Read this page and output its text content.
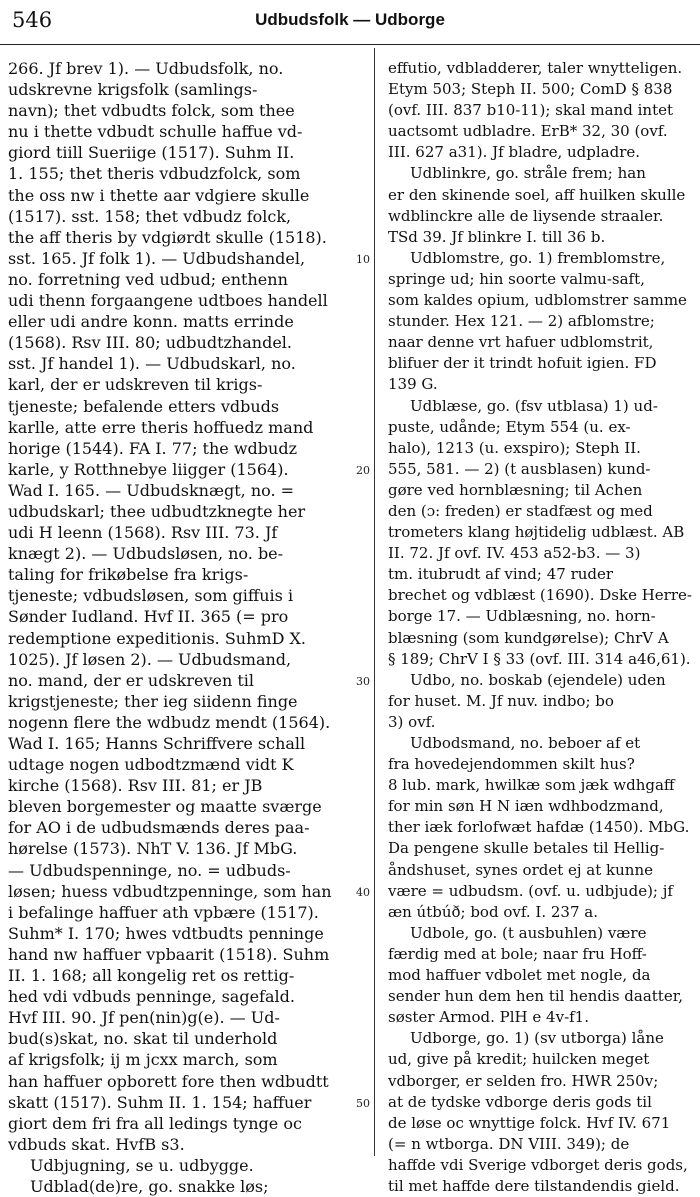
546	Udbudsfolk — Udborge
266. Jf brev 1). — Udbudsfolk, no.
udskrevne krigsfolk (samlings-
navn); thet vdbudts folck, som thee
nu i thette vdbudt schulle haffue vd-
giord tiill Sueriige (1517). Suhm II.
1. 155; thet theris vdbudzfolck, som
the oss nw i thette aar vdgiere skulle
(1517). sst. 158; thet vdbudz folck,
the aff theris by vdgiørdt skulle (1518).
sst. 165. Jf folk 1). — Udbudshandel,
no. forretning ved udbud; enthenn
udi thenn forgaangene udtboes handell
eller udi andre konn. matts errinde
(1568). Rsv III. 80; udbudtzhandel.
sst. Jf handel 1). — Udbudskarl, no.
karl, der er udskreven til krigs-
tjeneste; befalende etters vdbuds
karlle, atte erre theris hoffuedz mand
horige (1544). FA I. 77; the wdbudz
karle, y Rotthnebye liigger (1564).
Wad I. 165. — Udbudsknægt, no. =
udbudskarl; thee udbudtzknegte her
udi H leenn (1568). Rsv III. 73. Jf
knægt 2). — Udbudsløsen, no. be-
taling for frikøbelse fra krigs-
tjeneste; vdbudsløsen, som giffuis i
Sønder Iudland. Hvf II. 365 (= pro
redemptione expeditionis. SuhmD X.
1025). Jf løsen 2). — Udbudsmand,
no. mand, der er udskreven til
krigstjeneste; ther ieg siidenn finge
nogenn flere the wdbudz mendt (1564).
Wad I. 165; Hanns Schriffvere schall
udtage nogen udbodtzmænd vidt K
kirche (1568). Rsv III. 81; er JB
bleven borgemester og maatte sværge
for AO i de udbudsmænds deres paa-
hørelse (1573). NhT V. 136. Jf MbG.
— Udbudspenninge, no. = udbuds-
løsen; huess vdbudtzpenninge, som han
i befalinge haffuer ath vpbære (1517).
Suhm* I. 170; hwes vdtbudts penninge
hand nw haffuer vpbaarit (1518). Suhm
II. 1. 168; all kongelig ret os rettig-
hed vdi vdbuds penninge, sagefald.
Hvf III. 90. Jf pen(nin)g(e). — Ud-
bud(s)skat, no. skat til underhold
af krigsfolk; ij m jcxx march, som
han haffuer opborett fore then wdbudtt
skatt (1517). Suhm II. 1. 154; haffuer
giort dem fri fra all ledings tynge oc
vdbuds skat. HvfB s3.
Udbjugning, se u. udbygge.
Udblad(de)re, go. snakke løs;
10
20
30
40
50
effutio, vdbladderer, taler wnytteligen.
Etym 503; Steph II. 500; ComD § 838
(ovf. III. 837 b10-11); skal mand intet
uactsomt udbladre. ErB* 32, 30 (ovf.
III. 627 a31). Jf bladre, udpladre.
Udblinkre, go. stråle frem; han
er den skinende soel, aff huilken skulle
wdblinckre alle de liysende straaler.
TSd 39. Jf blinkre I. till 36 b.
Udblomstre, go. 1) fremblomstre,
springe ud; hin soorte valmu-saft,
som kaldes opium, udblomstrer samme
stunder. Hex 121. — 2) afblomstre;
naar denne vrt hafuer udblomstrit,
blifuer der it trindt hofuit igien. FD
139 G.
Udblæse, go. (fsv utblasa) 1) ud-
puste, udånde; Etym 554 (u. ex-
halo), 1213 (u. exspiro); Steph II.
555, 581. — 2) (t ausblasen) kund-
gøre ved hornblæsning; til Achen
den (ɔ: freden) er stadfæst og med
trometers klang højtidelig udblæst. AB
II. 72. Jf ovf. IV. 453 a52-b3. — 3)
tm. itubrudt af vind; 47 ruder
brechet og vdblæst (1690). Dske Herre-
borge 17. — Udblæsning, no. horn-
blæsning (som kundgørelse); ChrV A
§ 189; ChrV I § 33 (ovf. III. 314 a46,61).
Udbo, no. boskab (ejendele) uden
for huset. M. Jf nuv. indbo; bo
3) ovf.
Udbodsmand, no. beboer af et
fra hovedejendommen skilt hus?
8 lub. mark, hwilkæ som jæk wdhgaff
for min søn H N iæn wdhbodzmand,
ther iæk forlofwæt hafdæ (1450). MbG.
Da pengene skulle betales til Hellig-
åndshuset, synes ordet ej at kunne
være = udbudsm. (ovf. u. udbjude); jf
æn útbúð; bod ovf. I. 237 a.
Udbole, go. (t ausbuhlen) være
færdig med at bole; naar fru Hoff-
mod haffuer vdbolet met nogle, da
sender hun dem hen til hendis daatter,
søster Armod. PlH e 4v-f1.
Udborge, go. 1) (sv utborga) låne
ud, give på kredit; huilcken meget
vdborger, er selden fro. HWR 250v;
at de tydske vdborge deris gods til
de løse oc wnyttige folck. Hvf IV. 671
(= n wtborga. DN VIII. 349); de
haffde vdi Sverige vdborget deris gods,
til met haffde dere tilstandendis gield.
